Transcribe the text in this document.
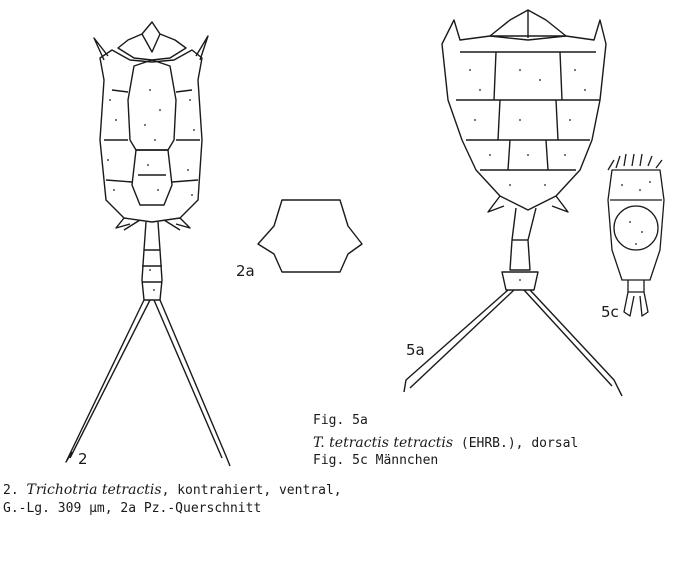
2
2a
5a
5c
Fig. 5a
T. tetractis tetractis (EHRB.), dorsal
Fig. 5c Männchen
2. Trichotria tetractis, kontrahiert, ventral,
G.-Lg. 309 µm, 2a Pz.-Querschnitt
